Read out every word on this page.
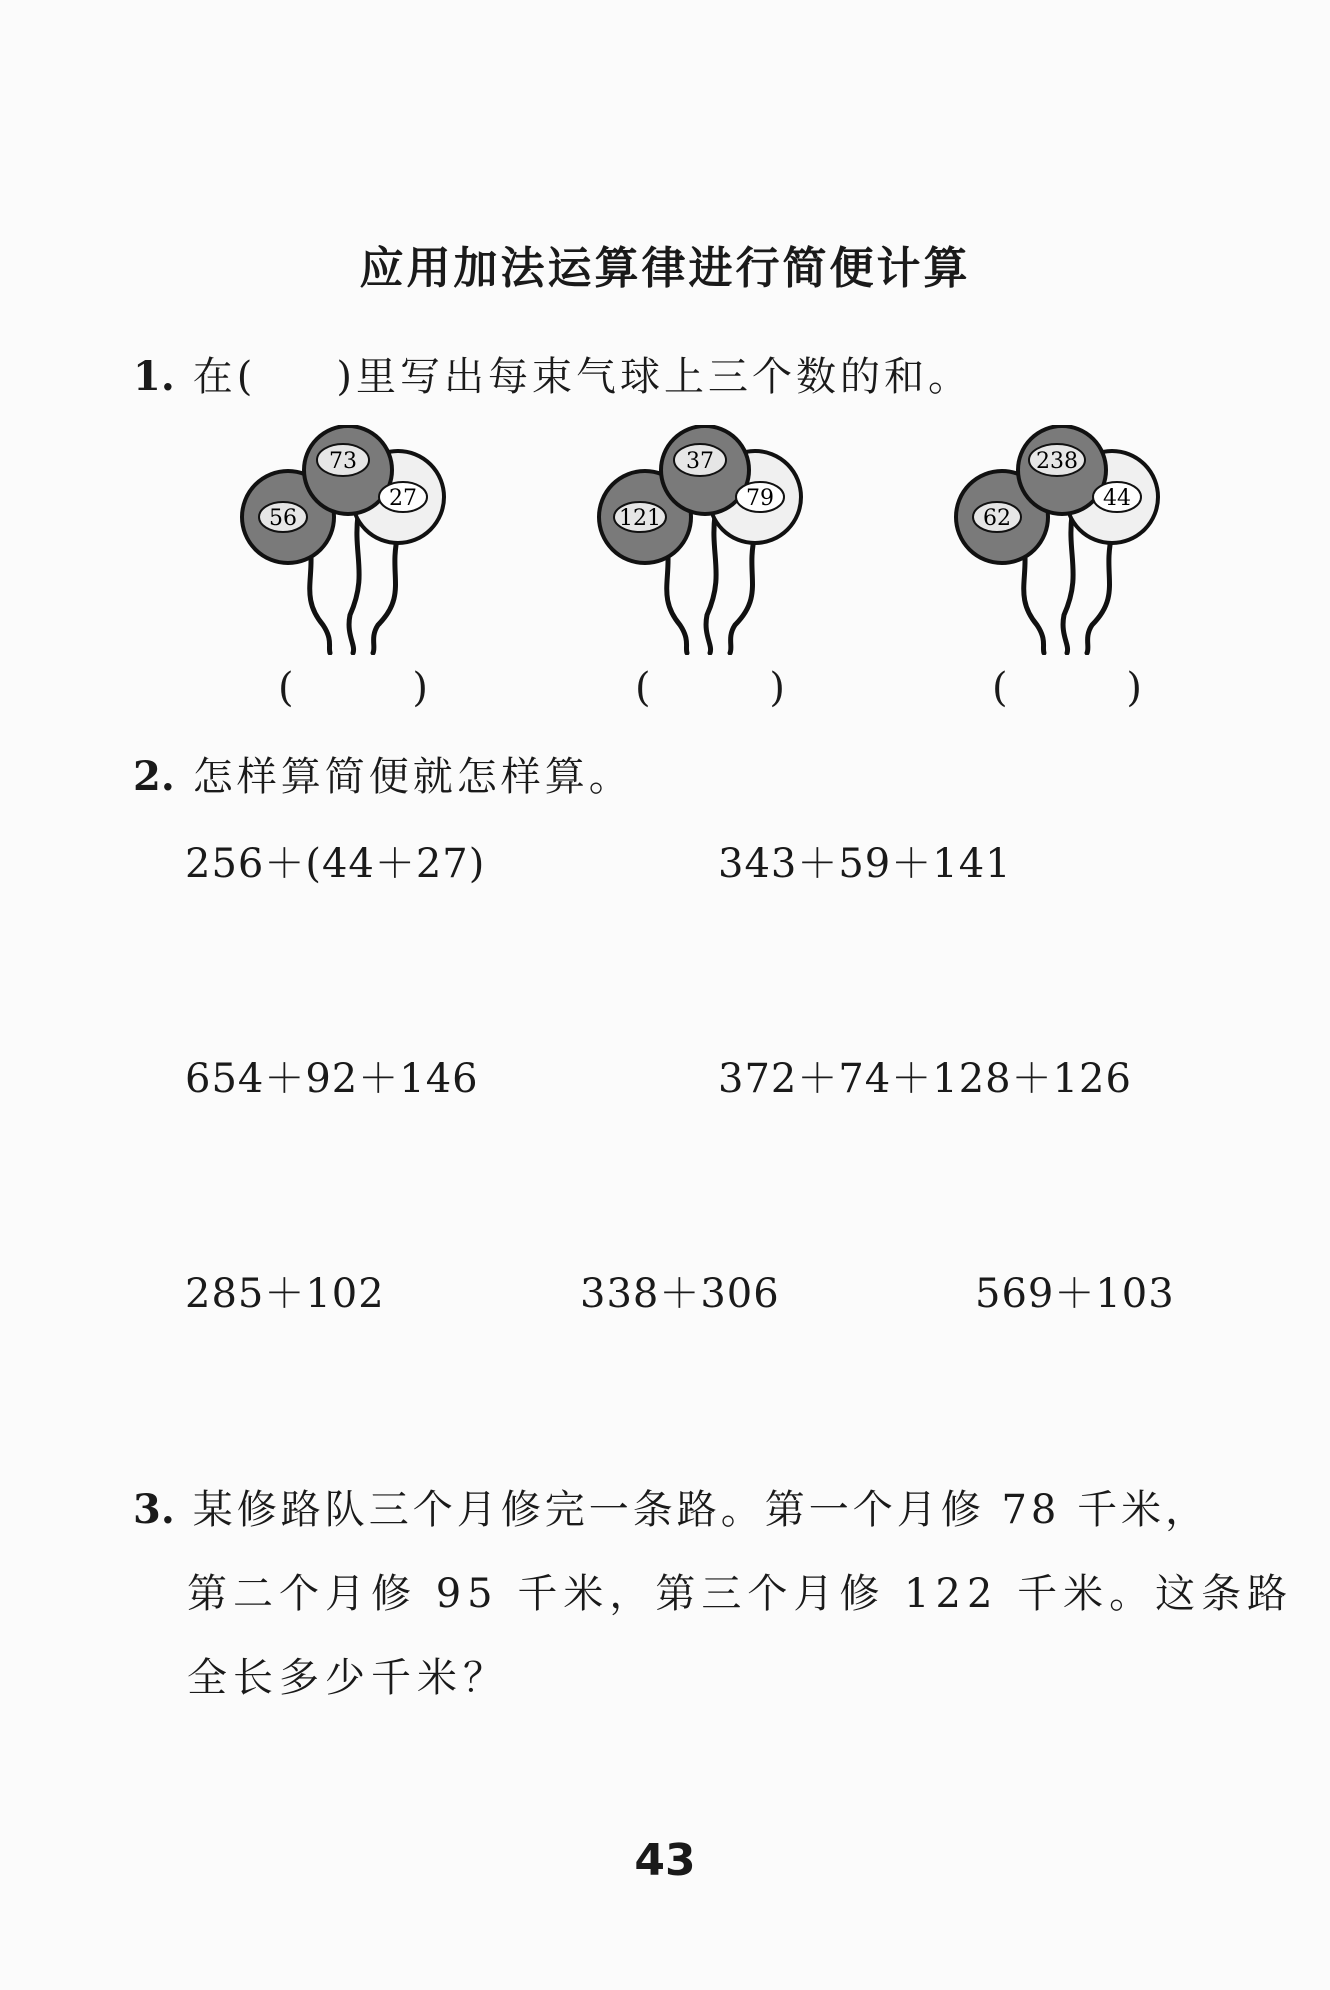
应用加法运算律进行简便计算
1. 在( )里写出每束气球上三个数的和。
73
56
27
(	)
37
121
79
(	)
238
62
44
(	)
2. 怎样算简便就怎样算。
256＋(44＋27)	343＋59＋141
654＋92＋146	372＋74＋128＋126
285＋102	338＋306	569＋103
3. 某修路队三个月修完一条路。第一个月修 78 千米，
第二个月修 95 千米，第三个月修 122 千米。这条路
全长多少千米？
43
